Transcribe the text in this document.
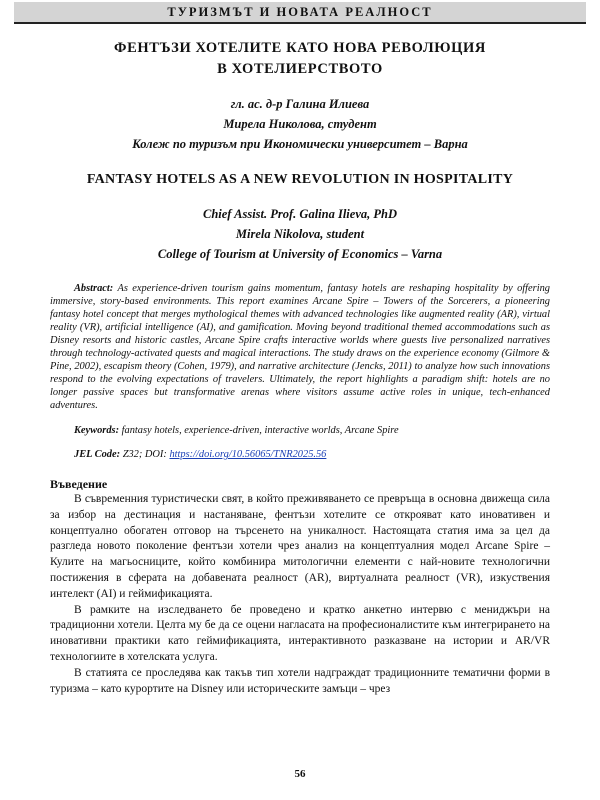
ТУРИЗМЪТ И НОВАТА РЕАЛНОСТ
ФЕНТЪЗИ ХОТЕЛИТЕ КАТО НОВА РЕВОЛЮЦИЯ
В ХОТЕЛИЕРСТВОТО
гл. ас. д-р Галина Илиева
Мирела Николова, студент
Колеж по туризъм при Икономически университет – Варна
FANTASY HOTELS AS A NEW REVOLUTION IN HOSPITALITY
Chief Assist. Prof. Galina Ilieva, PhD
Mirela Nikolova, student
College of Tourism at University of Economics – Varna
Abstract: As experience-driven tourism gains momentum, fantasy hotels are reshaping hospitality by offering immersive, story-based environments. This report examines Arcane Spire – Towers of the Sorcerers, a pioneering fantasy hotel concept that merges mythological themes with advanced technologies like augmented reality (AR), virtual reality (VR), artificial intelligence (AI), and gamification. Moving beyond traditional themed accommodations such as Disney resorts and historic castles, Arcane Spire crafts interactive worlds where guests live personalized narratives through technology-activated quests and magical interactions. The study draws on the experience economy (Gilmore & Pine, 2002), escapism theory (Cohen, 1979), and narrative architecture (Jencks, 2011) to analyze how such innovations respond to the evolving expectations of travelers. Ultimately, the report highlights a paradigm shift: hotels are no longer passive spaces but transformative arenas where visitors assume active roles in unique, tech-enhanced adventures.
Keywords: fantasy hotels, experience-driven, interactive worlds, Arcane Spire
JEL Code: Z32; DOI: https://doi.org/10.56065/TNR2025.56
Въведение

В съвременния туристически свят, в който преживяването се превръща в основна движеща сила за избор на дестинация и настаняване, фентъзи хотелите се открояват като иновативен и концептуално обогатен отговор на търсенето на уникалност. Настоящата статия има за цел да разгледа новото поколение фентъзи хотели чрез анализ на концептуалния модел Arcane Spire – Кулите на магьосниците, който комбинира митологични елементи с най-новите технологични постижения в сферата на добавената реалност (AR), виртуалната реалност (VR), изкуствения интелект (AI) и геймификацията.

В рамките на изследването бе проведено и кратко анкетно интервю с мениджъри на традиционни хотели. Целта му бе да се оцени нагласата на професионалистите към интегрирането на иновативни практики като геймификацията, интерактивното разказване на истории и AR/VR технологиите в хотелската услуга.

В статията се проследява как такъв тип хотели надграждат традиционните тематични форми в туризма – като курортите на Disney или историческите замъци – чрез

56
